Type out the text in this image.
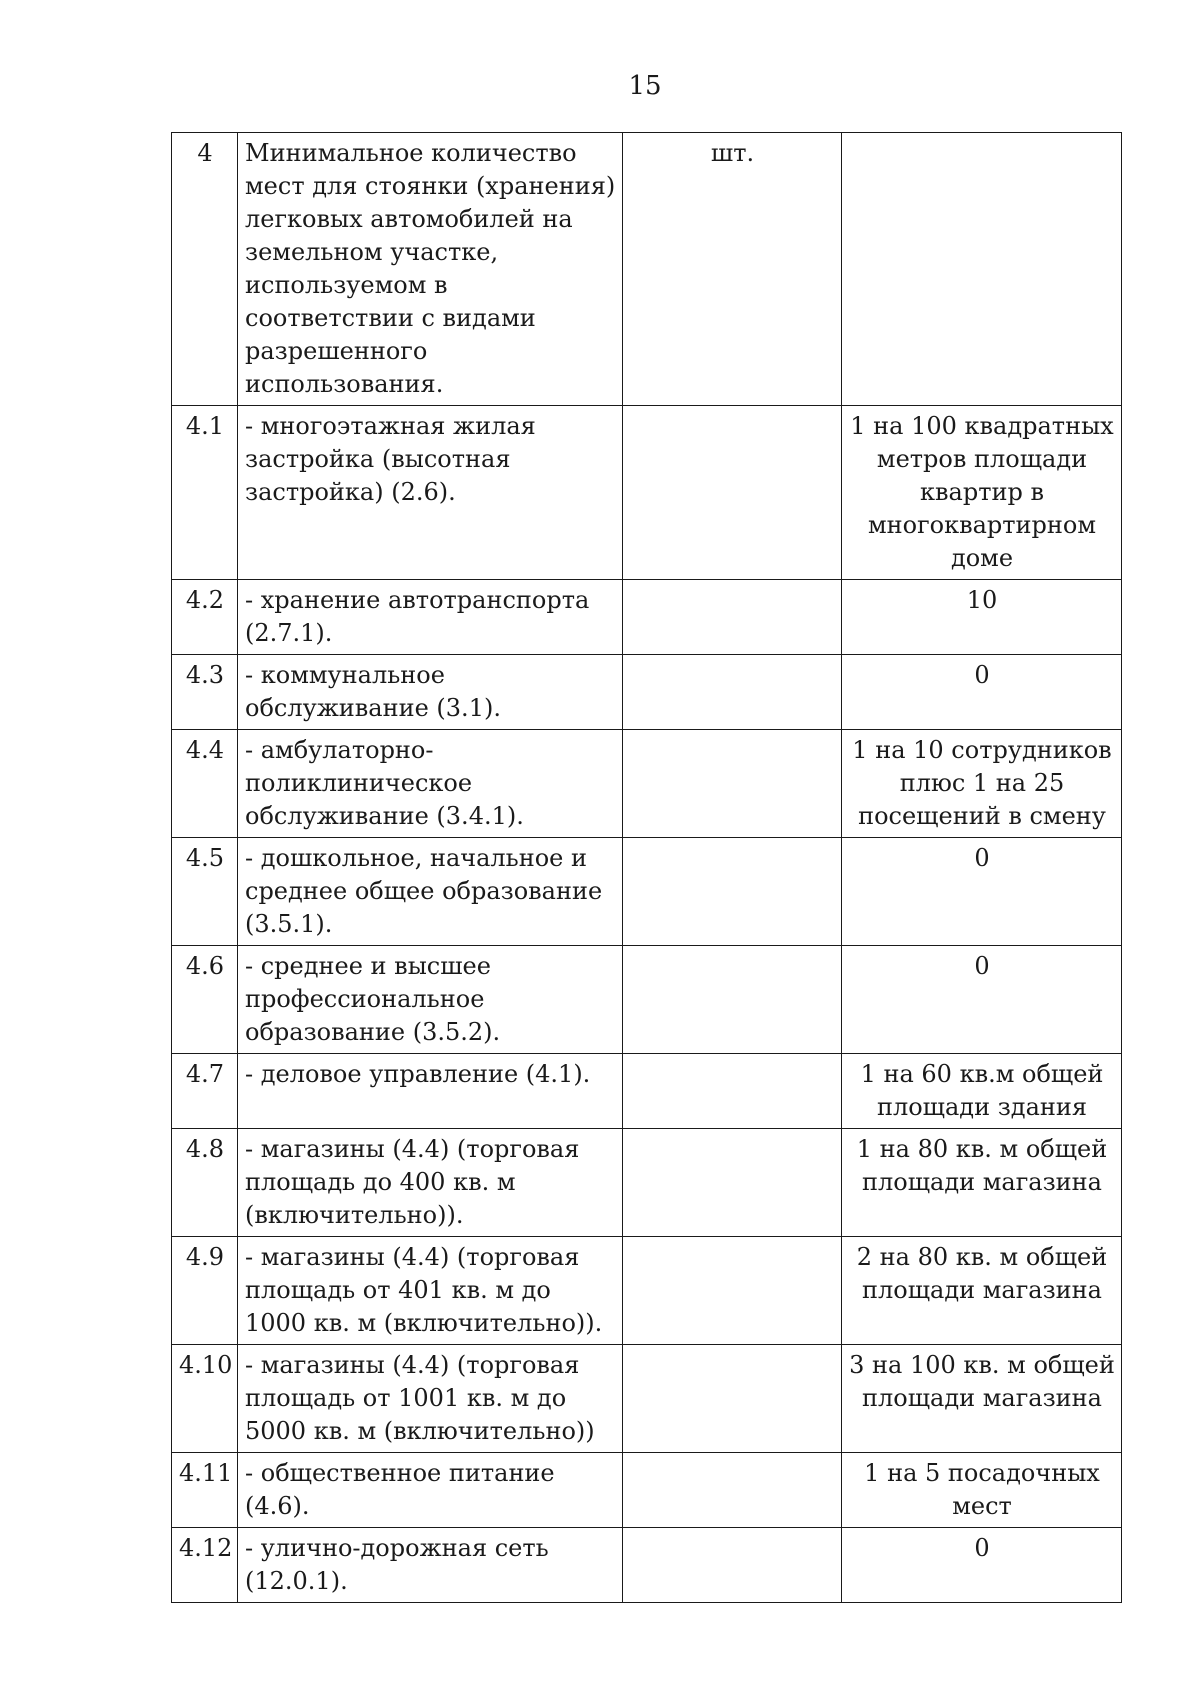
15
4	Минимальное количество мест для стоянки (хранения) легковых автомобилей на земельном участке, используемом в соответствии с видами разрешенного использования.	шт.	
4.1	- многоэтажная жилая застройка (высотная застройка) (2.6).		1 на 100 квадратных метров площади квартир в многоквартирном доме
4.2	- хранение автотранспорта (2.7.1).		10
4.3	- коммунальное обслуживание (3.1).		0
4.4	- амбулаторно-поликлиническое обслуживание (3.4.1).		1 на 10 сотрудников плюс 1 на 25 посещений в смену
4.5	- дошкольное, начальное и среднее общее образование (3.5.1).		0
4.6	- среднее и высшее профессиональное образование (3.5.2).		0
4.7	- деловое управление (4.1).		1 на 60 кв.м общей площади здания
4.8	- магазины (4.4) (торговая площадь до 400 кв. м (включительно)).		1 на 80 кв. м общей площади магазина
4.9	- магазины (4.4) (торговая площадь от 401 кв. м до 1000 кв. м (включительно)).		2 на 80 кв. м общей площади магазина
4.10	- магазины (4.4) (торговая площадь от 1001 кв. м до 5000 кв. м (включительно))		3 на 100 кв. м общей площади магазина
4.11	- общественное питание (4.6).		1 на 5 посадочных мест
4.12	- улично-дорожная сеть (12.0.1).		0
